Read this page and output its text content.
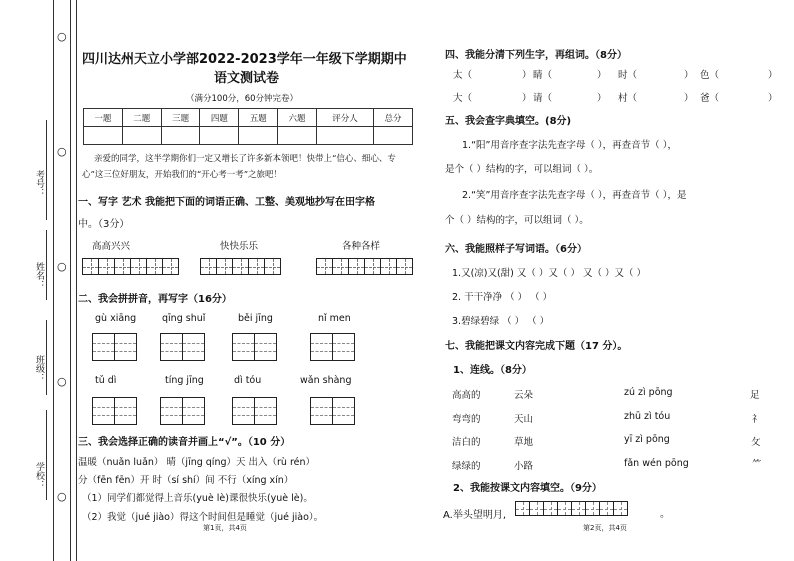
○
○
○
○
○
考号：
姓名：
班级：
学校：
四川达州天立小学部2022-2023学年一年级下学期期中
语文测试卷
（满分100分，60分钟完卷）
一题	二题	三题	四题	五题	六题	评分人	总分

亲爱的同学，这半学期你们一定又增长了许多新本领吧！快带上“信心、细心、专
心”这三位好朋友，开始我们的“开心考一考”之旅吧！
一、写字 艺术 我能把下面的词语正确、工整、美观地抄写在田字格
中。（3分）
高高兴兴	快快乐乐	各种各样
二、我会拼拼音，再写字（16分）
gù xiāng	qīng shuǐ	běi jīng	nǐ men
tǔ dì	tíng jīng	dì tóu	wǎn shàng
三、我会选择正确的读音并画上“√”。（10 分）
温暖（nuǎn luǎn） 晴（jīng qíng）天 出入（rù rén）
分（fēn fēn）开 时（sí shí）间 不行（xíng xín）
（1）同学们都觉得上音乐(yuè lè)课很快乐(yuè lè)。
（2）我觉（jué jiào）得这个时间但是睡觉（jué jiào）。
第1页，共4页
四、我能分清下列生字，再组词。（8分）
太（	） 睛（	） 时（	） 色（	）
大（	） 请（	） 村（	） 爸（	）
五、我会查字典填空。(8分)
1.“阳”用音序查字法先查字母（ ），再查音节（ ），
是个（ ）结构的字，可以组词（ ）。
2.“笑”用音序查字法先查字母（ ），再查音节（ ），是
个（ ）结构的字，可以组词（ ）。
六、我能照样子写词语。（6分）
1.又(凉)又(甜) 又（ ）又（ ） 又（ ）又（ ）
2. 干干净净 （ ） （ ）
3.碧绿碧绿 （ ） （ ）
七、我能把课文内容完成下题（17 分）。
1、连线。（8分）
高高的	云朵	zú zì pōng	足
弯弯的	天山	zhū zì tóu	礻
洁白的	草地	yī zì pōng	攵
绿绿的	小路	fǎn wén pōng	⺮
2、我能按课文内容填空。（9分）
A.举头望明月,	。
第2页，共4页
